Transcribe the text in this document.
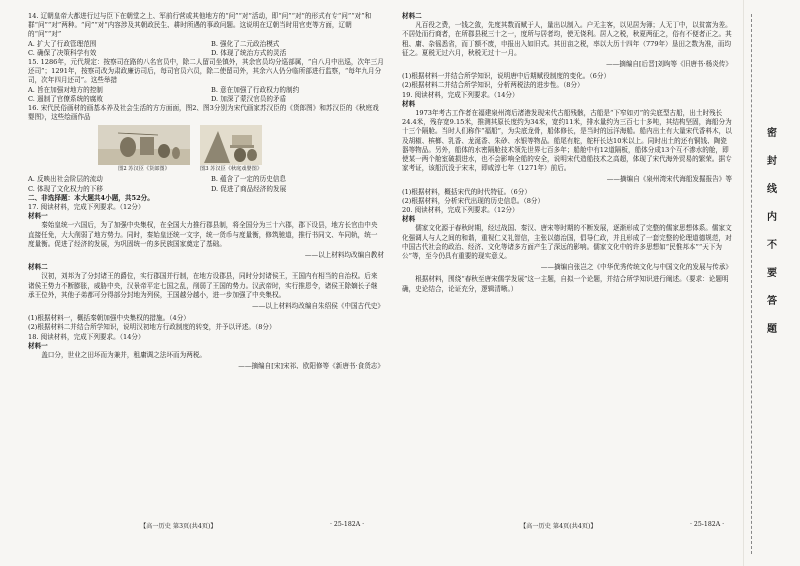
14. 辽朝皇帝大都进行过与臣下在朝堂之上、军前行营或其他地方的“问”“对”活动，即“问”“对”的形式有专“问”“对”和群“问”“对”两种。“问”“对”内容涉及其朝政民生、耕时所遇的事政问题。这说明在辽朝当时用官吏等方面，辽朝的“问”“对”

A. 扩大了行政管理范围	B. 强化了二元政治模式
C. 确保了决策科学有效	D. 体现了统治方式的灵活

15. 1286年，元代规定：按察司在路的八名官员中，除二人留司坐镇外，其余官员均分巡部属，“自八月中出巡，次年三月还司”；1291年，按察司改为肃政廉访司后，每司官员六员，除二使留司外，其余六人仍分临所部进行监察，“每年九月分司，次年四月还司”。这些举措

A. 旨在加强对地方的控制	B. 意在加强了行政权力的制约
C. 遏制了官僚系统的腐败	D. 加深了蒙汉官员的矛盾

16. 宋代民俗画材的画基本养及社会生活的方方面面，图2、图3分别为宋代画家苏汉臣的《货郎图》和苏汉臣的《秋庭戏婴图》，这些绘画作品

图2 苏汉臣《货郎图》	图3 苏汉臣《秋庭戏婴图》
A. 反映出社会阶层的流动	B. 蕴含了一定的历史信息
C. 体现了文化权力的下移	D. 促进了商品经济的发展

二、非选择题：本大题共4小题，共52分。

17. 阅读材料，完成下列要求。（12分）

材料一

秦始皇统一六国后，为了加强中央集权，在全国大力推行郡县制，将全国分为三十六郡，郡下设县，地方长官由中央直接任免，大大削弱了地方势力。同时，秦始皇还统一文字，统一货币与度量衡，修筑驰道，推行书同文、车同轨，统一度量衡。促进了经济的发展，为巩固统一的多民族国家奠定了基础。

——以上材料均改编自教材

材料二

汉初，刘邦为了分封诸王的爵位，实行郡国并行制，在地方设郡县，同时分封诸侯王，王国内有相当的自治权。后来诸侯王势力不断膨胀，威胁中央，汉景帝平定七国之乱，削弱了王国的势力。汉武帝时，实行推恩令，诸侯王除嫡长子继承王位外，其他子弟都可分得部分封地为列侯，王国越分越小，进一步加强了中央集权。

——以上材料均改编自朱绍侯《中国古代史》

(1)根据材料一，概括秦朝加强中央集权的措施。（4分）

(2)根据材料二并结合所学知识，说明汉初地方行政制度的转变，并予以评述。（8分）

18. 阅读材料，完成下列要求。（14分）

材料一

盖口分，世业之田坏而为兼并，租庸调之法坏而为两税。

——摘编自[宋]宋祁、欧阳修等《新唐书·食货志》

材料二

凡百役之费，一钱之敛，先度其数而赋于人，量出以制入。户无主客，以见居为簿；人无丁中，以贫富为差。不居处而行商者，在所郡县税三十之一，度所与居者均，使无侥利。居人之税，秋夏两征之，俗有不便者正之。其租、庸、杂徭悉省，而丁额不废，申报出入如旧式。其田亩之税，率以大历十四年（779年）垦田之数为准，而均征之。夏税无过六月，秋税无过十一月。

——摘编自[后晋]刘昫等《旧唐书·杨炎传》

(1)根据材料一并结合所学知识，说明唐中后期赋役制度的变化。（6分）

(2)根据材料二并结合所学知识，分析两税法的进步性。（8分）

19. 阅读材料，完成下列要求。（14分）

材料

1973年考古工作者在福建泉州湾后渚港发现宋代古船残骸，古船是“下窄如刃”的尖底型古船，出土时残长24.4米，残存宽9.15米，推测其原长度约为34米，宽约11米，排水量约为三百七十多吨，其结构坚固，海船分为十三个隔舱。当时人们称作“福船”，为尖底龙骨，船体修长，是当时的远洋海船。船内出土有大量宋代香料木，以及胡椒、槟榔、乳香、龙涎香、朱砂、水银等物品。船尾有舵，舵杆长达10米以上。同时出土的还有铜钱、陶瓷器等物品。另外，船体的水密隔舱技术领先世界七百多年；船舱中有12道隔板，船体分成13个互不渗水的舱，即使某一两个舱室破损进水，也不会影响全船的安全，说明宋代造船技术之高超，体现了宋代海外贸易的繁荣。据专家考证，该船沉没于宋末，即咸淳七年（1271年）前后。

——摘编自《泉州湾宋代海船发掘报告》等

(1)根据材料，概括宋代的时代特征。（6分）

(2)根据材料，分析宋代出现的历史信息。（8分）

20. 阅读材料，完成下列要求。（12分）

材料

儒家文化源于春秋时期，经过战国、秦汉、唐宋等时期的不断发展，逐渐形成了完整的儒家思想体系。儒家文化强调人与人之间的和谐，重视仁义礼智信，主张以德治国，倡导仁政，并且形成了一套完整的伦理道德规范，对中国古代社会的政治、经济、文化等诸多方面产生了深远的影响。儒家文化中的许多思想如“民惟邦本”“天下为公”等，至今仍具有重要的现实意义。

——摘编自张岂之《中华优秀传统文化与中国文化的发展与传承》

根据材料，围绕“春秋至唐宋儒学发展”这一主题，自拟一个论题，并结合所学知识进行阐述。（要求：论题明确，史论结合，论证充分，逻辑清晰。）

【高一历史 第3页(共4页)】	· 25-182A ·	【高一历史 第4页(共4页)】	· 25-182A ·
密
封
线
内
不
要
答
题
